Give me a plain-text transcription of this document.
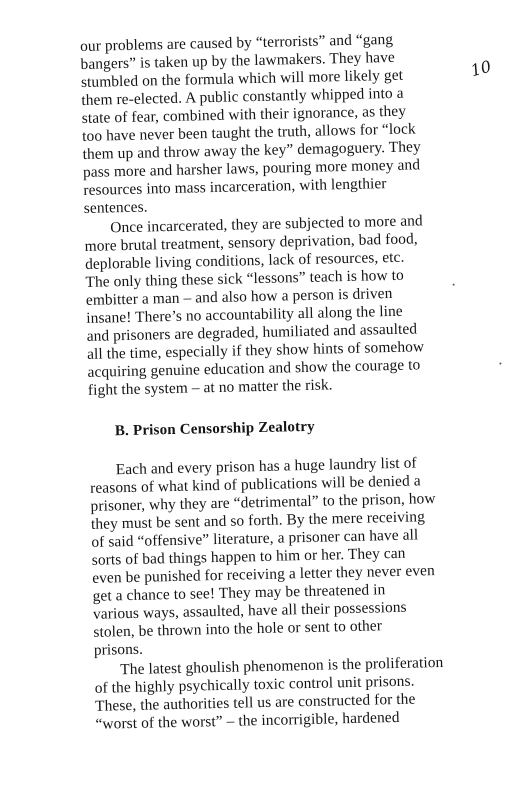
our problems are caused by “terrorists” and “gang
bangers” is taken up by the lawmakers. They have
stumbled on the formula which will more likely get
them re-elected. A public constantly whipped into a
state of fear, combined with their ignorance, as they
too have never been taught the truth, allows for “lock
them up and throw away the key” demagoguery. They
pass more and harsher laws, pouring more money and
resources into mass incarceration, with lengthier
sentences.
Once incarcerated, they are subjected to more and
more brutal treatment, sensory deprivation, bad food,
deplorable living conditions, lack of resources, etc.
The only thing these sick “lessons” teach is how to
embitter a man – and also how a person is driven
insane! There’s no accountability all along the line
and prisoners are degraded, humiliated and assaulted
all the time, especially if they show hints of somehow
acquiring genuine education and show the courage to
fight the system – at no matter the risk.
B. Prison Censorship Zealotry
Each and every prison has a huge laundry list of
reasons of what kind of publications will be denied a
prisoner, why they are “detrimental” to the prison, how
they must be sent and so forth. By the mere receiving
of said “offensive” literature, a prisoner can have all
sorts of bad things happen to him or her. They can
even be punished for receiving a letter they never even
get a chance to see! They may be threatened in
various ways, assaulted, have all their possessions
stolen, be thrown into the hole or sent to other
prisons.
The latest ghoulish phenomenon is the proliferation
of the highly psychically toxic control unit prisons.
These, the authorities tell us are constructed for the
“worst of the worst” – the incorrigible, hardened
10
